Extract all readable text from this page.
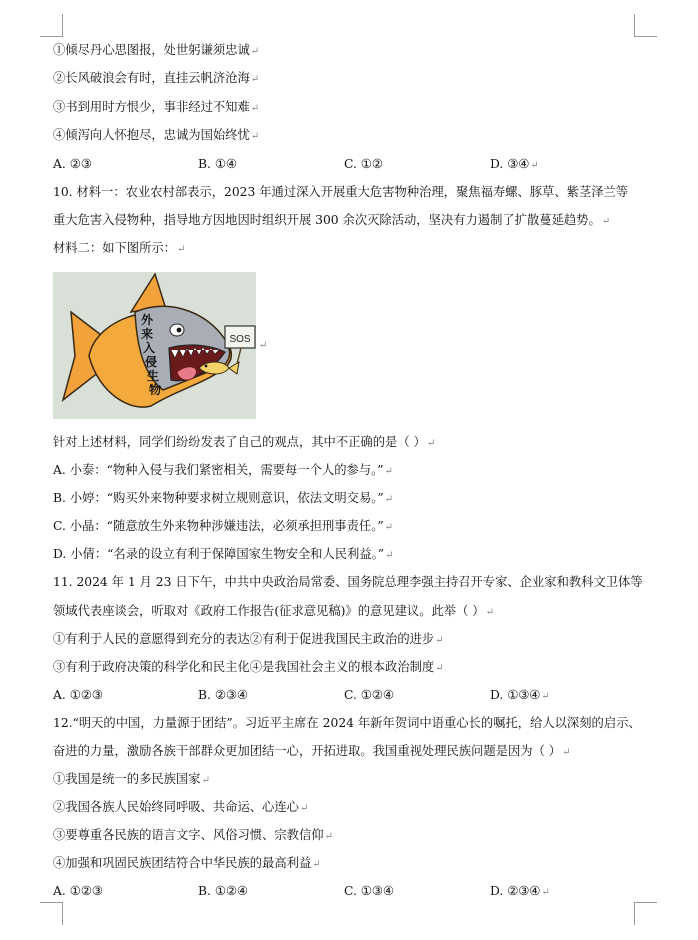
①倾尽丹心思图报，处世躬谦须忠诚↵
②长风破浪会有时，直挂云帆济沧海↵
③书到用时方恨少，事非经过不知难↵
④倾泻向人怀抱尽，忠诚为国始终忧↵
A. ②③	B. ①④	C. ①②	D. ③④↵
10. 材料一：农业农村部表示，2023 年通过深入开展重大危害物种治理，聚焦福寿螺、豚草、紫茎泽兰等
重大危害入侵物种，指导地方因地因时组织开展 300 余次灭除活动，坚决有力遏制了扩散蔓延趋势。↵
材料二：如下图所示：↵
SOS
外 来 入 侵 生 物
↵
针对上述材料，同学们纷纷发表了自己的观点，其中不正确的是（ ）↵
A. 小泰：“物种入侵与我们紧密相关，需要每一个人的参与。”↵
B. 小婷：“购买外来物种要求树立规则意识，依法文明交易。”↵
C. 小晶：“随意放生外来物种涉嫌违法，必须承担刑事责任。”↵
D. 小倩：“名录的设立有利于保障国家生物安全和人民利益。”↵
11. 2024 年 1 月 23 日下午，中共中央政治局常委、国务院总理李强主持召开专家、企业家和教科文卫体等
领域代表座谈会，听取对《政府工作报告(征求意见稿)》的意见建议。此举（ ）↵
①有利于人民的意愿得到充分的表达②有利于促进我国民主政治的进步↵
③有利于政府决策的科学化和民主化④是我国社会主义的根本政治制度↵
A. ①②③	B. ②③④	C. ①②④	D. ①③④↵
12.“明天的中国，力量源于团结”。习近平主席在 2024 年新年贺词中语重心长的嘱托，给人以深刻的启示、
奋进的力量，激励各族干部群众更加团结一心，开拓进取。我国重视处理民族问题是因为（ ）↵
①我国是统一的多民族国家↵
②我国各族人民始终同呼吸、共命运、心连心↵
③要尊重各民族的语言文字、风俗习惯、宗教信仰↵
④加强和巩固民族团结符合中华民族的最高利益↵
A. ①②③	B. ①②④	C. ①③④	D. ②③④↵
